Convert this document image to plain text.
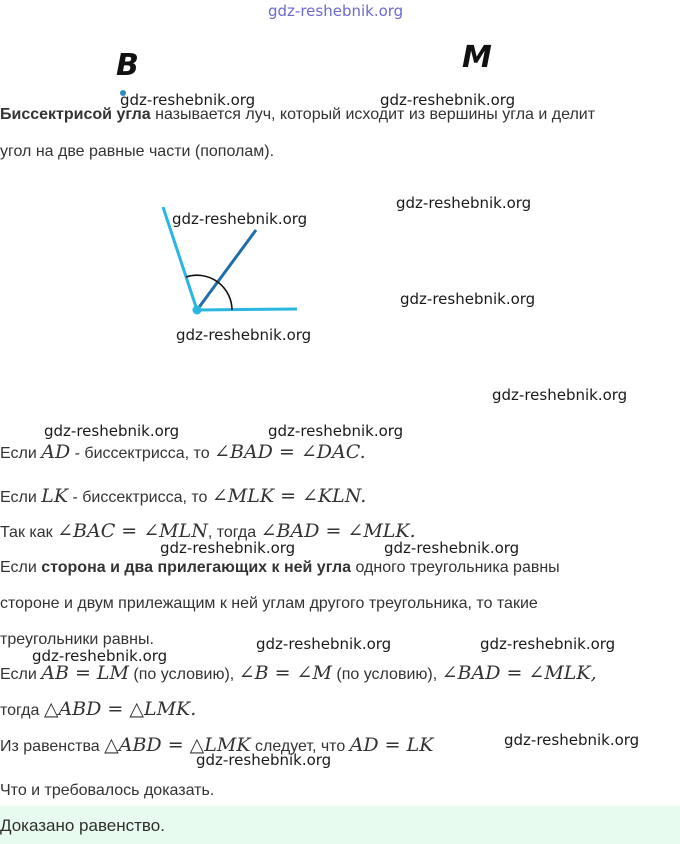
gdz-reshebnik.org
B	M
gdz-reshebnik.org	gdz-reshebnik.org
Биссектрисой угла называется луч, который исходит из вершины угла и делит
угол на две равные части (пополам).
gdz-reshebnik.org
gdz-reshebnik.org
gdz-reshebnik.org
gdz-reshebnik.org
gdz-reshebnik.org
gdz-reshebnik.org	gdz-reshebnik.org
Если AD - биссектрисса, то ∠BAD = ∠DAC.
Если LK - биссектрисса, то ∠MLK = ∠KLN.
Так как ∠BAC = ∠MLN, тогда ∠BAD = ∠MLK.
gdz-reshebnik.org	gdz-reshebnik.org
Если сторона и два прилегающих к ней угла одного треугольника равны
стороне и двум прилежащим к ней углам другого треугольника, то такие
треугольники равны.	gdz-reshebnik.org	gdz-reshebnik.org
gdz-reshebnik.org
Если AB = LM (по условию), ∠B = ∠M (по условию), ∠BAD = ∠MLK,
тогда △ABD = △LMK.
Из равенства △ABD = △LMK следует, что AD = LK	gdz-reshebnik.org
gdz-reshebnik.org
Что и требовалось доказать.
Доказано равенство.
